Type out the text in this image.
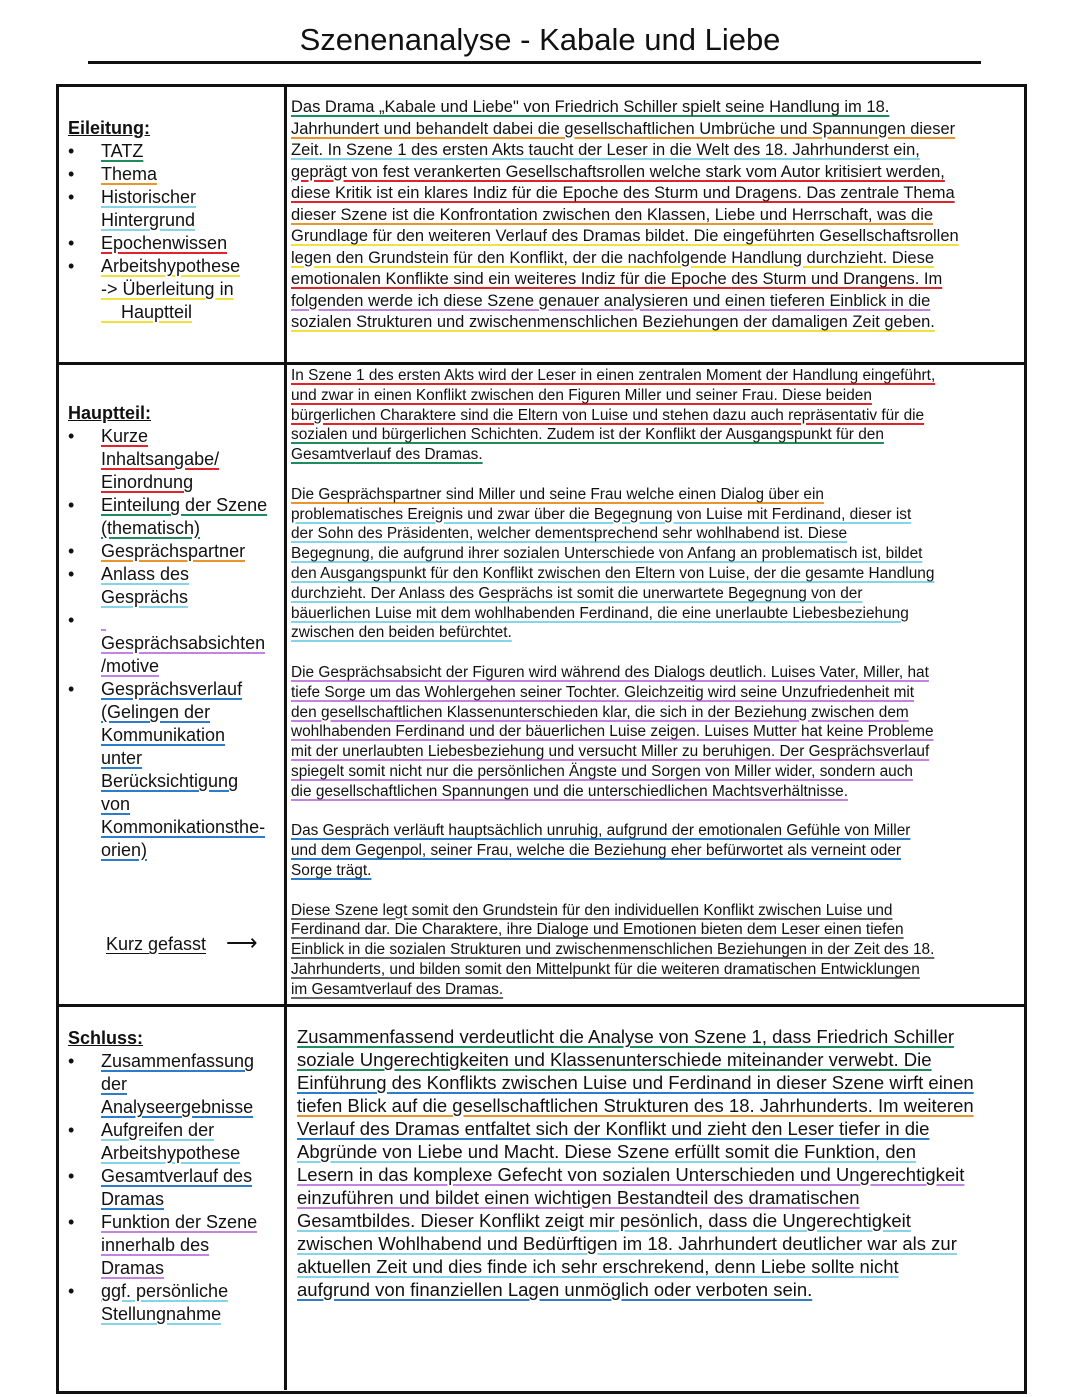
Szenenanalyse - Kabale und Liebe
Eileitung:
• TATZ
• Thema
• Historischer
Hintergrund
• Epochenwissen
• Arbeitshypothese
-> Überleitung in
Hauptteil
Hauptteil:
• Kurze
Inhaltsangabe/
Einordnung
• Einteilung der Szene
(thematisch)
• Gesprächspartner
• Anlass des
Gesprächs
•

Gesprächsabsichten
/motive
• Gesprächsverlauf
(Gelingen der
Kommunikation
unter
Berücksichtigung
von
Kommonikationsthe-
orien)
Schluss:
• Zusammenfassung
der
Analyseergebnisse
• Aufgreifen der
Arbeitshypothese
• Gesamtverlauf des
Dramas
• Funktion der Szene
innerhalb des
Dramas
• ggf. persönliche
Stellungnahme
Kurz gefasst ⟶
Das Drama „Kabale und Liebe" von Friedrich Schiller spielt seine Handlung im 18.
Jahrhundert und behandelt dabei die gesellschaftlichen Umbrüche und Spannungen dieser
Zeit. In Szene 1 des ersten Akts taucht der Leser in die Welt des 18. Jahrhunderst ein,
geprägt von fest verankerten Gesellschaftsrollen welche stark vom Autor kritisiert werden,
diese Kritik ist ein klares Indiz für die Epoche des Sturm und Dragens. Das zentrale Thema
dieser Szene ist die Konfrontation zwischen den Klassen, Liebe und Herrschaft, was die
Grundlage für den weiteren Verlauf des Dramas bildet. Die eingeführten Gesellschaftsrollen
legen den Grundstein für den Konflikt, der die nachfolgende Handlung durchzieht. Diese
emotionalen Konflikte sind ein weiteres Indiz für die Epoche des Sturm und Drangens. Im
folgenden werde ich diese Szene genauer analysieren und einen tieferen Einblick in die
sozialen Strukturen und zwischenmenschlichen Beziehungen der damaligen Zeit geben.
In Szene 1 des ersten Akts wird der Leser in einen zentralen Moment der Handlung eingeführt,
und zwar in einen Konflikt zwischen den Figuren Miller und seiner Frau. Diese beiden
bürgerlichen Charaktere sind die Eltern von Luise und stehen dazu auch repräsentativ für die
sozialen und bürgerlichen Schichten. Zudem ist der Konflikt der Ausgangspunkt für den
Gesamtverlauf des Dramas.
Die Gesprächspartner sind Miller und seine Frau welche einen Dialog über ein
problematisches Ereignis und zwar über die Begegnung von Luise mit Ferdinand, dieser ist
der Sohn des Präsidenten, welcher dementsprechend sehr wohlhabend ist. Diese
Begegnung, die aufgrund ihrer sozialen Unterschiede von Anfang an problematisch ist, bildet
den Ausgangspunkt für den Konflikt zwischen den Eltern von Luise, der die gesamte Handlung
durchzieht. Der Anlass des Gesprächs ist somit die unerwartete Begegnung von der
bäuerlichen Luise mit dem wohlhabenden Ferdinand, die eine unerlaubte Liebesbeziehung
zwischen den beiden befürchtet.
Die Gesprächsabsicht der Figuren wird während des Dialogs deutlich. Luises Vater, Miller, hat
tiefe Sorge um das Wohlergehen seiner Tochter. Gleichzeitig wird seine Unzufriedenheit mit
den gesellschaftlichen Klassenunterschieden klar, die sich in der Beziehung zwischen dem
wohlhabenden Ferdinand und der bäuerlichen Luise zeigen. Luises Mutter hat keine Probleme
mit der unerlaubten Liebesbeziehung und versucht Miller zu beruhigen. Der Gesprächsverlauf
spiegelt somit nicht nur die persönlichen Ängste und Sorgen von Miller wider, sondern auch
die gesellschaftlichen Spannungen und die unterschiedlichen Machtsverhältnisse.
Das Gespräch verläuft hauptsächlich unruhig, aufgrund der emotionalen Gefühle von Miller
und dem Gegenpol, seiner Frau, welche die Beziehung eher befürwortet als verneint oder
Sorge trägt.
Diese Szene legt somit den Grundstein für den individuellen Konflikt zwischen Luise und
Ferdinand dar. Die Charaktere, ihre Dialoge und Emotionen bieten dem Leser einen tiefen
Einblick in die sozialen Strukturen und zwischenmenschlichen Beziehungen in der Zeit des 18.
Jahrhunderts, und bilden somit den Mittelpunkt für die weiteren dramatischen Entwicklungen
im Gesamtverlauf des Dramas.
Zusammenfassend verdeutlicht die Analyse von Szene 1, dass Friedrich Schiller
soziale Ungerechtigkeiten und Klassenunterschiede miteinander verwebt. Die
Einführung des Konflikts zwischen Luise und Ferdinand in dieser Szene wirft einen
tiefen Blick auf die gesellschaftlichen Strukturen des 18. Jahrhunderts. Im weiteren
Verlauf des Dramas entfaltet sich der Konflikt und zieht den Leser tiefer in die
Abgründe von Liebe und Macht. Diese Szene erfüllt somit die Funktion, den
Lesern in das komplexe Gefecht von sozialen Unterschieden und Ungerechtigkeit
einzuführen und bildet einen wichtigen Bestandteil des dramatischen
Gesamtbildes. Dieser Konflikt zeigt mir pesönlich, dass die Ungerechtigkeit
zwischen Wohlhabend und Bedürftigen im 18. Jahrhundert deutlicher war als zur
aktuellen Zeit und dies finde ich sehr erschrekend, denn Liebe sollte nicht
aufgrund von finanziellen Lagen unmöglich oder verboten sein.
